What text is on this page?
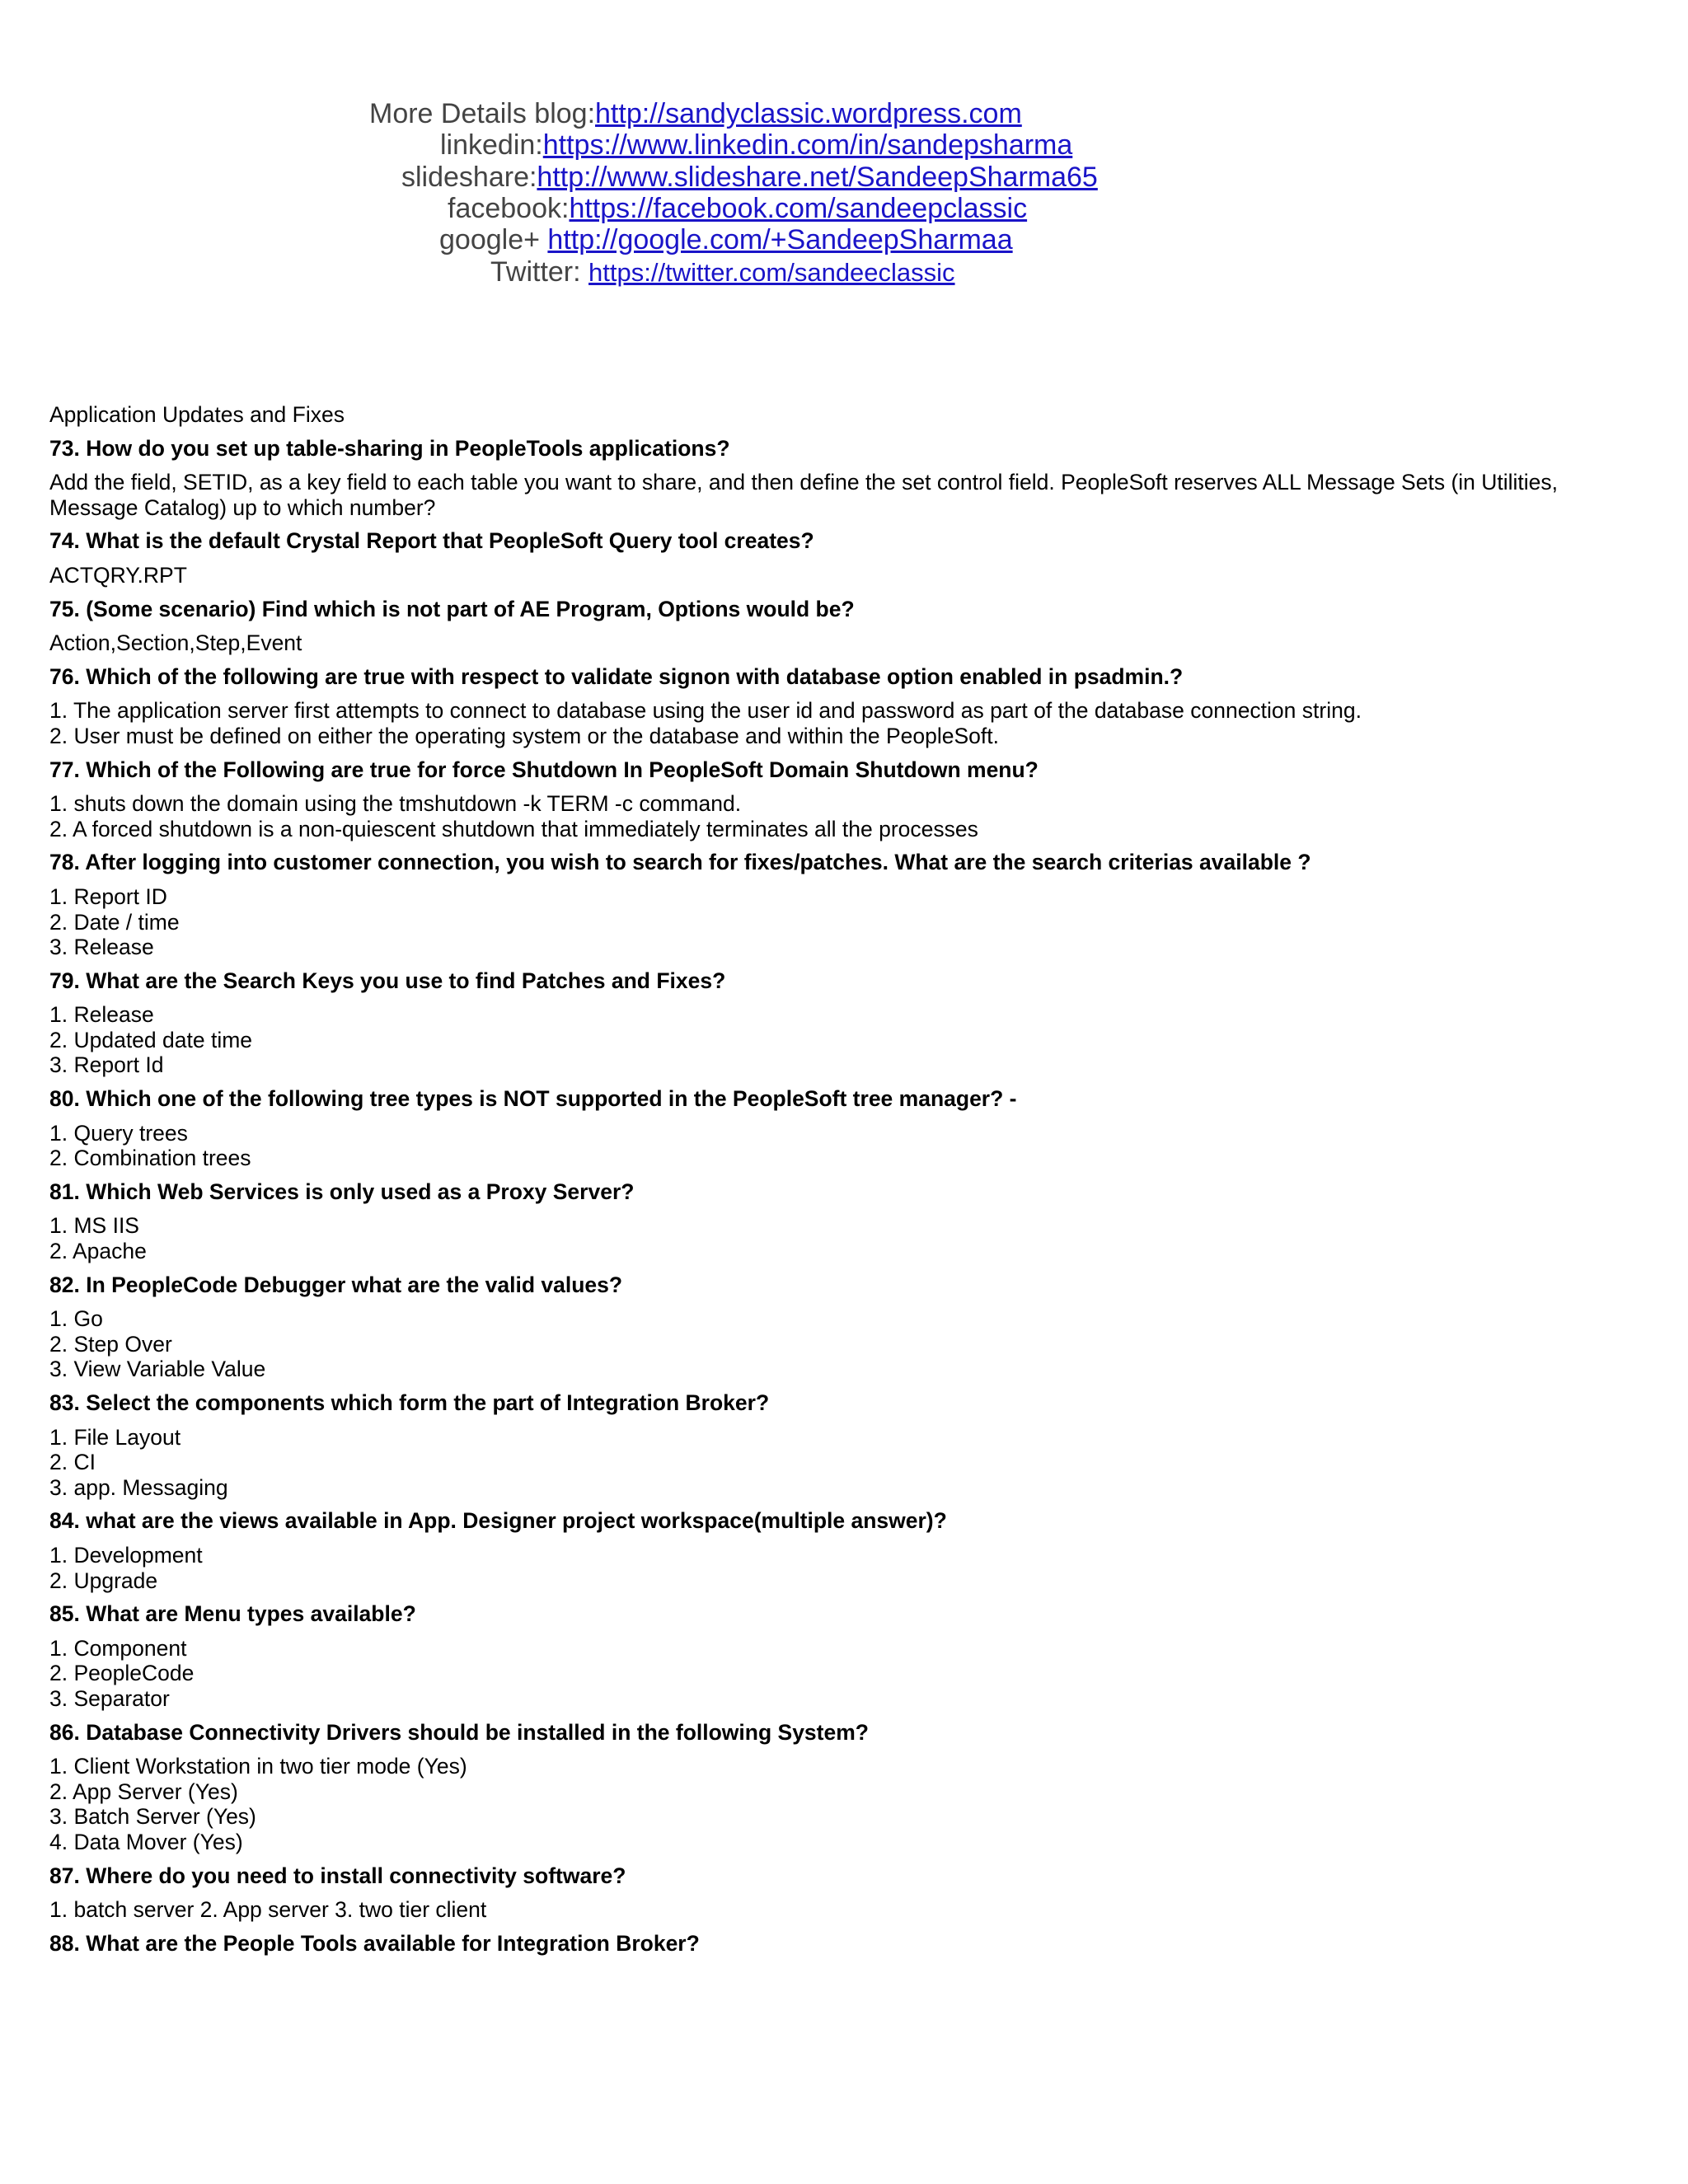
More Details blog:http://sandyclassic.wordpress.com
linkedin:https://www.linkedin.com/in/sandepsharma
slideshare:http://www.slideshare.net/SandeepSharma65
facebook:https://facebook.com/sandeepclassic
google+ http://google.com/+SandeepSharmaa
Twitter: https://twitter.com/sandeeclassic
Application Updates and Fixes
73. How do you set up table-sharing in PeopleTools applications?
Add the field, SETID, as a key field to each table you want to share, and then define the set control field. PeopleSoft reserves ALL Message Sets (in Utilities, Message Catalog) up to which number?
74. What is the default Crystal Report that PeopleSoft Query tool creates?
ACTQRY.RPT
75. (Some scenario) Find which is not part of AE Program, Options would be?
Action,Section,Step,Event
76. Which of the following are true with respect to validate signon with database option enabled in psadmin.?
1. The application server first attempts to connect to database using the user id and password as part of the database connection string.
2. User must be defined on either the operating system or the database and within the PeopleSoft.
77. Which of the Following are true for force Shutdown In PeopleSoft Domain Shutdown menu?
1. shuts down the domain using the tmshutdown -k TERM -c command.
2. A forced shutdown is a non-quiescent shutdown that immediately terminates all the processes
78. After logging into customer connection, you wish to search for fixes/patches. What are the search criterias available ?
1. Report ID
2. Date / time
3. Release
79. What are the Search Keys you use to find Patches and Fixes?
1. Release
2. Updated date time
3. Report Id
80. Which one of the following tree types is NOT supported in the PeopleSoft tree manager? -
1. Query trees
2. Combination trees
81. Which Web Services is only used as a Proxy Server?
1. MS IIS
2. Apache
82. In PeopleCode Debugger what are the valid values?
1. Go
2. Step Over
3. View Variable Value
83. Select the components which form the part of Integration Broker?
1. File Layout
2. CI
3. app. Messaging
84. what are the views available in App. Designer project workspace(multiple answer)?
1. Development
2. Upgrade
85. What are Menu types available?
1. Component
2. PeopleCode
3. Separator
86. Database Connectivity Drivers should be installed in the following System?
1. Client Workstation in two tier mode (Yes)
2. App Server (Yes)
3. Batch Server (Yes)
4. Data Mover (Yes)
87. Where do you need to install connectivity software?
1. batch server 2. App server 3. two tier client
88. What are the People Tools available for Integration Broker?
